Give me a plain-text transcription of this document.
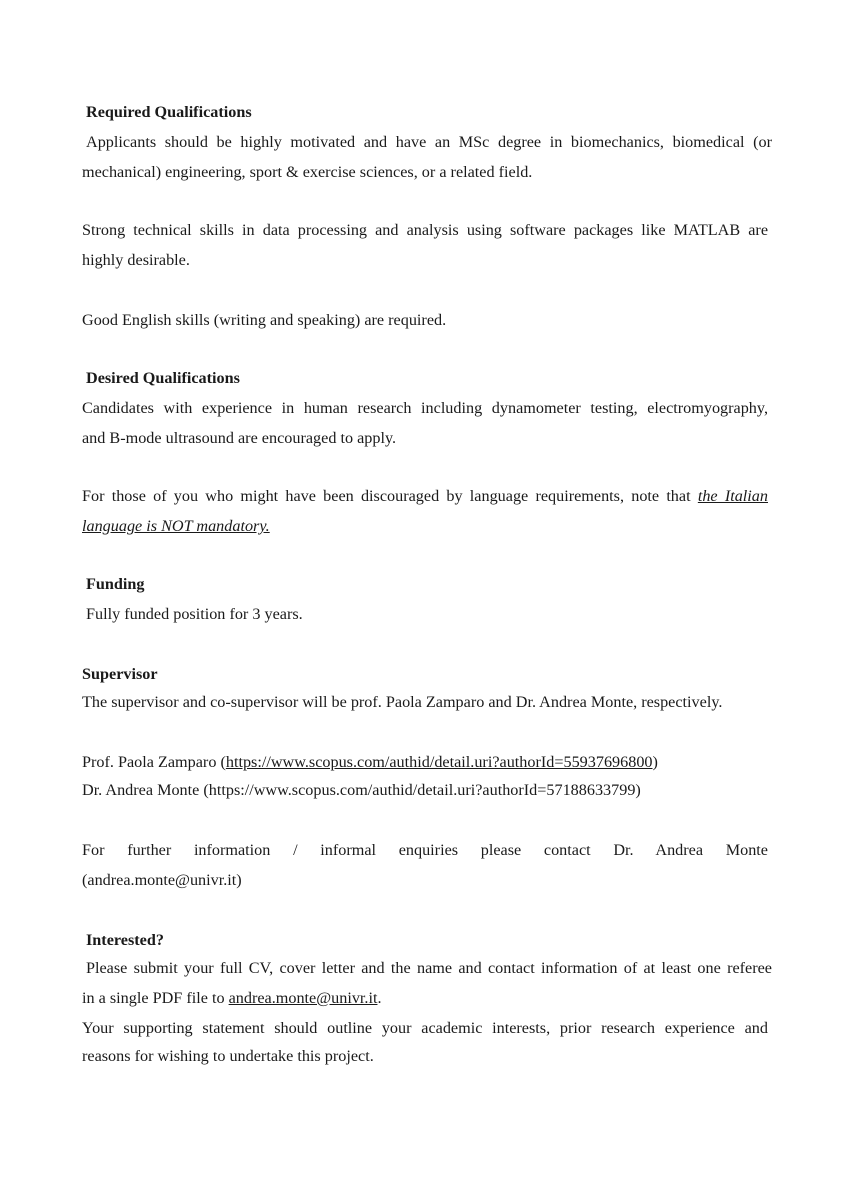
Required Qualifications
Applicants should be highly motivated and have an MSc degree in biomechanics, biomedical (or
mechanical) engineering, sport & exercise sciences, or a related field.
Strong technical skills in data processing and analysis using software packages like MATLAB are
highly desirable.
Good English skills (writing and speaking) are required.
Desired Qualifications
Candidates with experience in human research including dynamometer testing, electromyography,
and B-mode ultrasound are encouraged to apply.
For those of you who might have been discouraged by language requirements, note that the Italian
language is NOT mandatory.
Funding
Fully funded position for 3 years.
Supervisor
The supervisor and co-supervisor will be prof. Paola Zamparo and Dr. Andrea Monte, respectively.
Prof. Paola Zamparo (https://www.scopus.com/authid/detail.uri?authorId=55937696800)
Dr. Andrea Monte (https://www.scopus.com/authid/detail.uri?authorId=57188633799)
For further information / informal enquiries please contact Dr. Andrea Monte
(andrea.monte@univr.it)
Interested?
Please submit your full CV, cover letter and the name and contact information of at least one referee
in a single PDF file to andrea.monte@univr.it.
Your supporting statement should outline your academic interests, prior research experience and
reasons for wishing to undertake this project.
